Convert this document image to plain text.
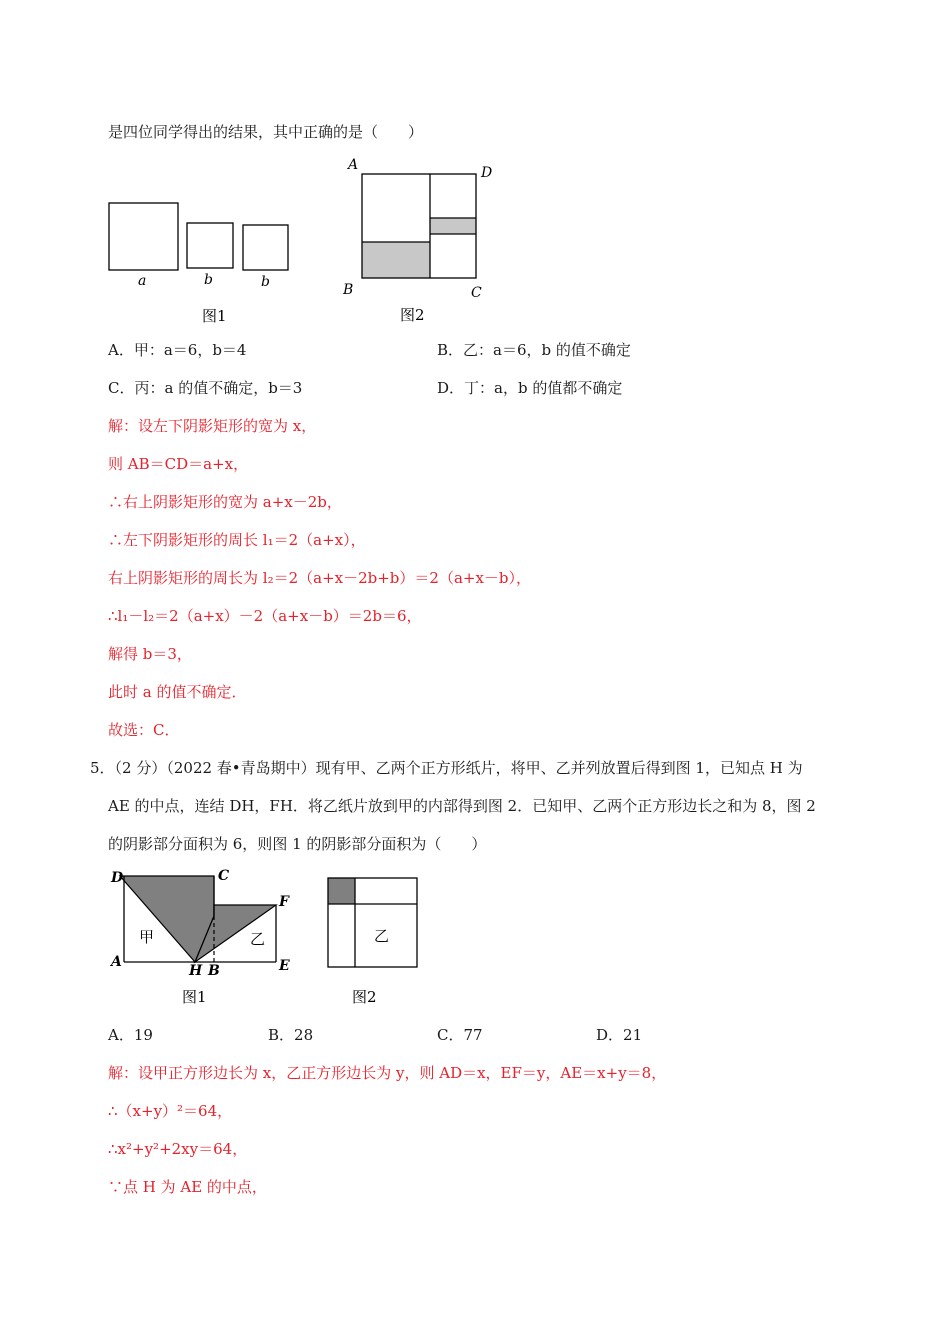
是四位同学得出的结果，其中正确的是（　　）
a	b	b
图1
A	D
B	C
图2
A．甲：a＝6，b＝4	B．乙：a＝6，b 的值不确定
C．丙：a 的值不确定，b＝3	D．丁：a，b 的值都不确定
解：设左下阴影矩形的宽为 x，
则 AB＝CD＝a+x，
∴右上阴影矩形的宽为 a+x－2b，
∴左下阴影矩形的周长 l₁＝2（a+x），
右上阴影矩形的周长为 l₂＝2（a+x－2b+b）＝2（a+x－b），
∴l₁－l₂＝2（a+x）－2（a+x－b）＝2b＝6，
解得 b＝3，
此时 a 的值不确定．
故选：C．
5．（2 分）（2022 春•青岛期中）现有甲、乙两个正方形纸片，将甲、乙并列放置后得到图 1，已知点 H 为
AE 的中点，连结 DH，FH．将乙纸片放到甲的内部得到图 2．已知甲、乙两个正方形边长之和为 8，图 2
的阴影部分面积为 6，则图 1 的阴影部分面积为（　　）
D	C
F
A
H B	E
甲	乙
图1
乙
图2
A．19	B．28	C．77	D．21
解：设甲正方形边长为 x，乙正方形边长为 y，则 AD＝x，EF＝y，AE＝x+y＝8，
∴（x+y）²＝64，
∴x²+y²+2xy＝64，
∵点 H 为 AE 的中点，
